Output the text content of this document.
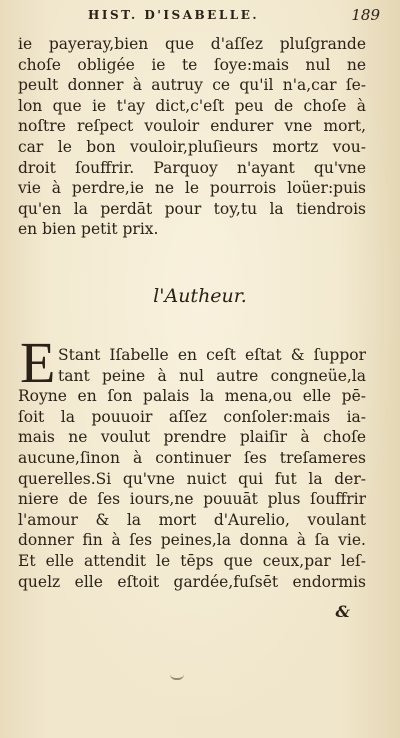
HIST. D'ISABELLE.	189
ie payeray,bien que d'aſſez pluſgrande
choſe obligée ie te ſoye:mais nul ne
peult donner à autruy ce qu'il n'a,car ſe-
lon que ie t'ay dict,c'eſt peu de choſe à
noſtre reſpect vouloir endurer vne mort,
car le bon vouloir,pluſieurs mortz vou-
droit ſouffrir. Parquoy n'ayant qu'vne
vie à perdre,ie ne le pourrois loüer:puis
qu'en la perdāt pour toy,tu la tiendrois
en bien petit prix.
l'Autheur.
E Stant Iſabelle en ceſt eſtat & ſuppor
tant peine à nul autre congneüe,la
Royne en ſon palais la mena,ou elle pē-
ſoit la pouuoir aſſez conſoler:mais ia-
mais ne voulut prendre plaiſir à choſe
aucune,ſinon à continuer ſes treſameres
querelles.Si qu'vne nuict qui fut la der-
niere de ſes iours,ne pouuāt plus ſouffrir
l'amour & la mort d'Aurelio, voulant
donner fin à ſes peines,la donna à ſa vie.
Et elle attendit le tēps que ceux,par leſ-
quelz elle eſtoit gardée,fuſsēt endormis
&
